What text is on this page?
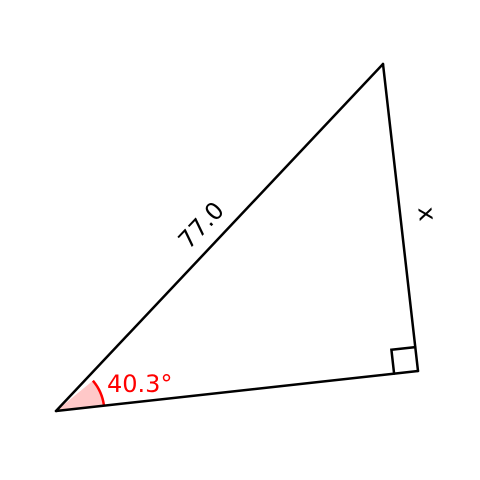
77.0	x
40.3°
